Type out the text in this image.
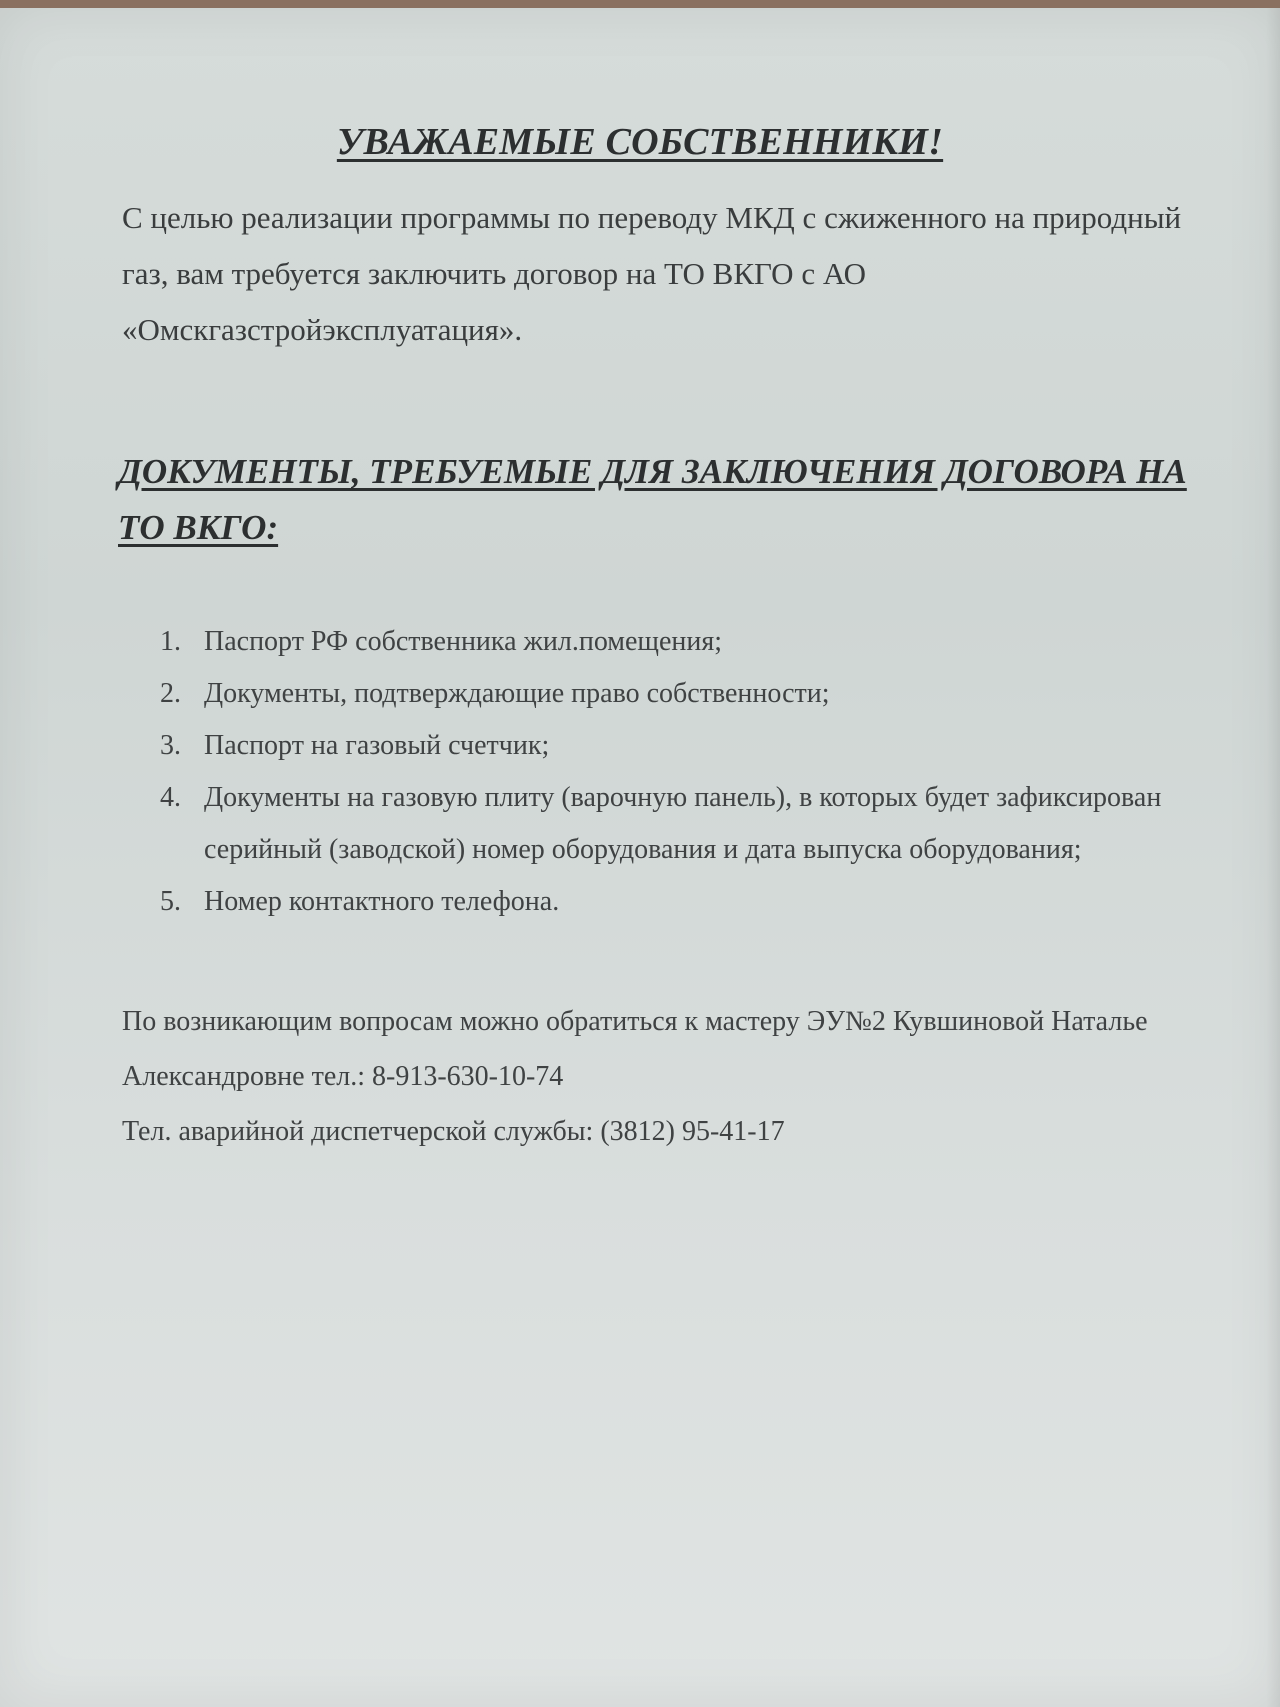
УВАЖАЕМЫЕ СОБСТВЕННИКИ!
С целью реализации программы по переводу МКД с сжиженного на природный газ, вам требуется заключить договор на ТО ВКГО с АО «Омскгазстройэксплуатация».
ДОКУМЕНТЫ, ТРЕБУЕМЫЕ ДЛЯ ЗАКЛЮЧЕНИЯ ДОГОВОРА НА ТО ВКГО:
1. Паспорт РФ собственника жил.помещения;
2. Документы, подтверждающие право собственности;
3. Паспорт на газовый счетчик;
4. Документы на газовую плиту (варочную панель), в которых будет зафиксирован серийный (заводской) номер оборудования и дата выпуска оборудования;
5. Номер контактного телефона.

По возникающим вопросам можно обратиться к мастеру ЭУ№2 Кувшиновой Наталье Александровне тел.: 8-913-630-10-74

Тел. аварийной диспетчерской службы: (3812) 95-41-17
